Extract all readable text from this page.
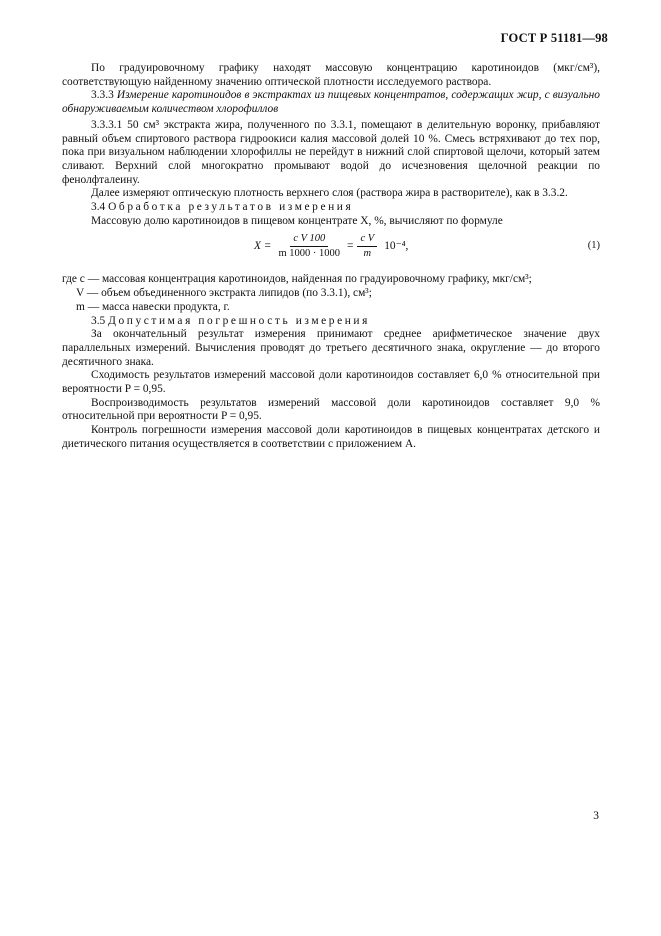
ГОСТ Р 51181—98

По градуировочному графику находят массовую концентрацию каротиноидов (мкг/см³), соответствующую найденному значению оптической плотности исследуемого раствора.

3.3.3 Измерение каротиноидов в экстрактах из пищевых концентратов, содержащих жир, с визуально обнаруживаемым количеством хлорофиллов

3.3.3.1 50 см³ экстракта жира, полученного по 3.3.1, помещают в делительную воронку, прибавляют равный объем спиртового раствора гидроокиси калия массовой долей 10 %. Смесь встряхивают до тех пор, пока при визуальном наблюдении хлорофиллы не перейдут в нижний слой спиртовой щелочи, который затем сливают. Верхний слой многократно промывают водой до исчезновения щелочной реакции по фенолфталеину.

Далее измеряют оптическую плотность верхнего слоя (раствора жира в растворителе), как в 3.3.2.

3.4 Обработка результатов измерения

Массовую долю каротиноидов в пищевом концентрате X, %, вычисляют по формуле

$X = \frac{\text{c V 100}}{m 1000 \cdot 1000} = \frac{\text{c V}}{m} 10^{-4}$,	(1)

где c — массовая концентрация каротиноидов, найденная по градуировочному графику, мкг/см³;

V — объем объединенного экстракта липидов (по 3.3.1), см³;

m — масса навески продукта, г.

3.5 Допустимая погрешность измерения

За окончательный результат измерения принимают среднее арифметическое значение двух параллельных измерений. Вычисления проводят до третьего десятичного знака, округление — до второго десятичного знака.

Сходимость результатов измерений массовой доли каротиноидов составляет 6,0 % относительной при вероятности P = 0,95.

Воспроизводимость результатов измерений массовой доли каротиноидов составляет 9,0 % относительной при вероятности P = 0,95.

Контроль погрешности измерения массовой доли каротиноидов в пищевых концентратах детского и диетического питания осуществляется в соответствии с приложением А.

3
